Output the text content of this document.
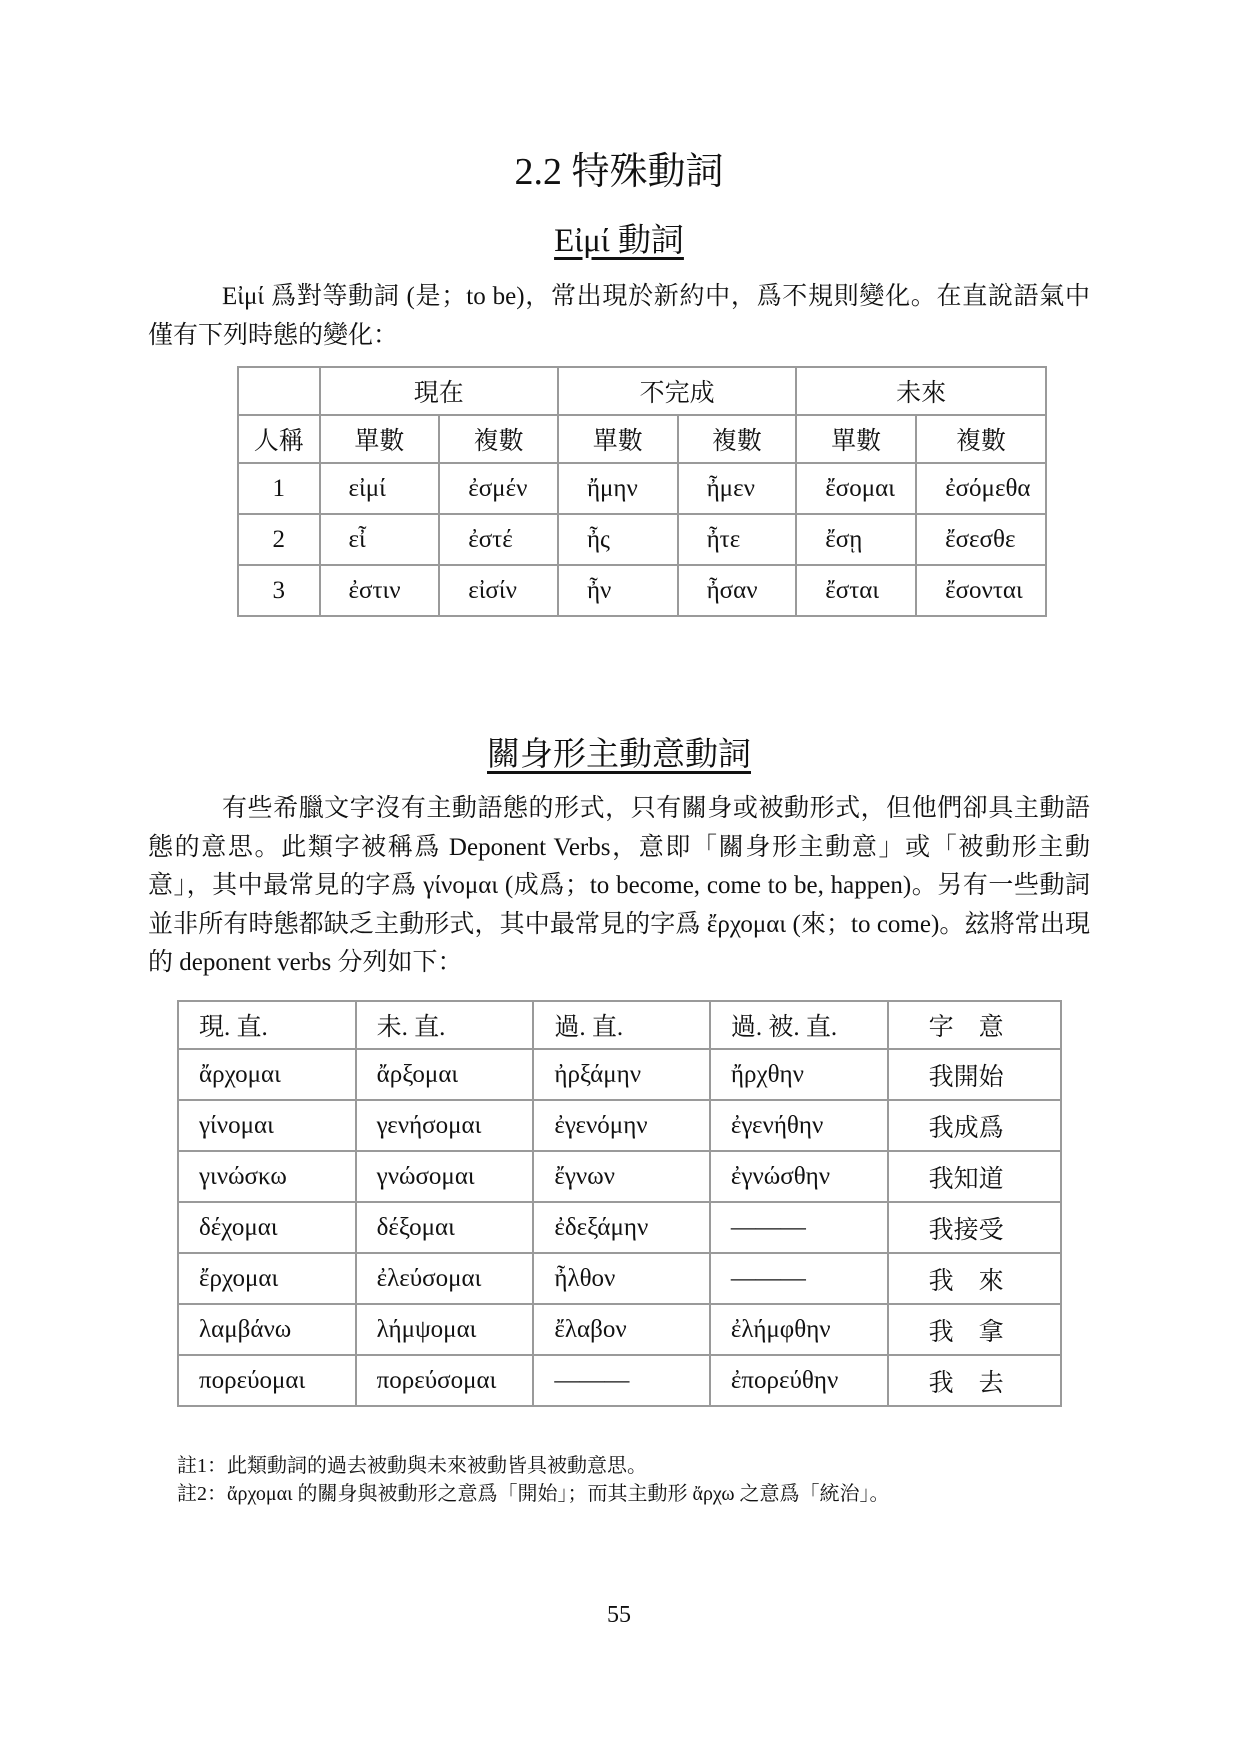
2.2 特殊動詞
Εἰμί 動詞

Εἰμί 爲對等動詞 (是；to be)，常出現於新約中，爲不規則變化。在直說語氣中僅有下列時態的變化：

	現在		不完成		未來	
人稱	單數	複數	單數	複數	單數	複數
1	εἰμί	ἐσμέν	ἤμην	ἦμεν	ἔσομαι	ἐσόμεθα
2	εἶ	ἐστέ	ἦς	ἦτε	ἔσῃ	ἔσεσθε
3	ἐστιν	εἰσίν	ἦν	ἦσαν	ἔσται	ἔσονται
關身形主動意動詞

有些希臘文字沒有主動語態的形式，只有關身或被動形式，但他們卻具主動語態的意思。此類字被稱爲 Deponent Verbs，意即「關身形主動意」或「被動形主動意」，其中最常見的字爲 γίνομαι (成爲；to become, come to be, happen)。另有一些動詞並非所有時態都缺乏主動形式，其中最常見的字爲 ἔρχομαι (來；to come)。玆將常出現的 deponent verbs 分列如下：

現. 直.	未. 直.	過. 直.	過. 被. 直.	字　意
ἄρχομαι	ἄρξομαι	ἠρξάμην	ἤρχθην	我開始
γίνομαι	γενήσομαι	ἐγενόμην	ἐγενήθην	我成爲
γινώσκω	γνώσομαι	ἔγνων	ἐγνώσθην	我知道
δέχομαι	δέξομαι	ἐδεξάμην	———	我接受
ἔρχομαι	ἐλεύσομαι	ἦλθον	———	我　來
λαμβάνω	λήμψομαι	ἔλαβον	ἐλήμφθην	我　拿
πορεύομαι	πορεύσομαι	———	ἐπορεύθην	我　去
註1：此類動詞的過去被動與未來被動皆具被動意思。
註2：ἄρχομαι 的關身與被動形之意爲「開始」；而其主動形 ἄρχω 之意爲「統治」。
55
